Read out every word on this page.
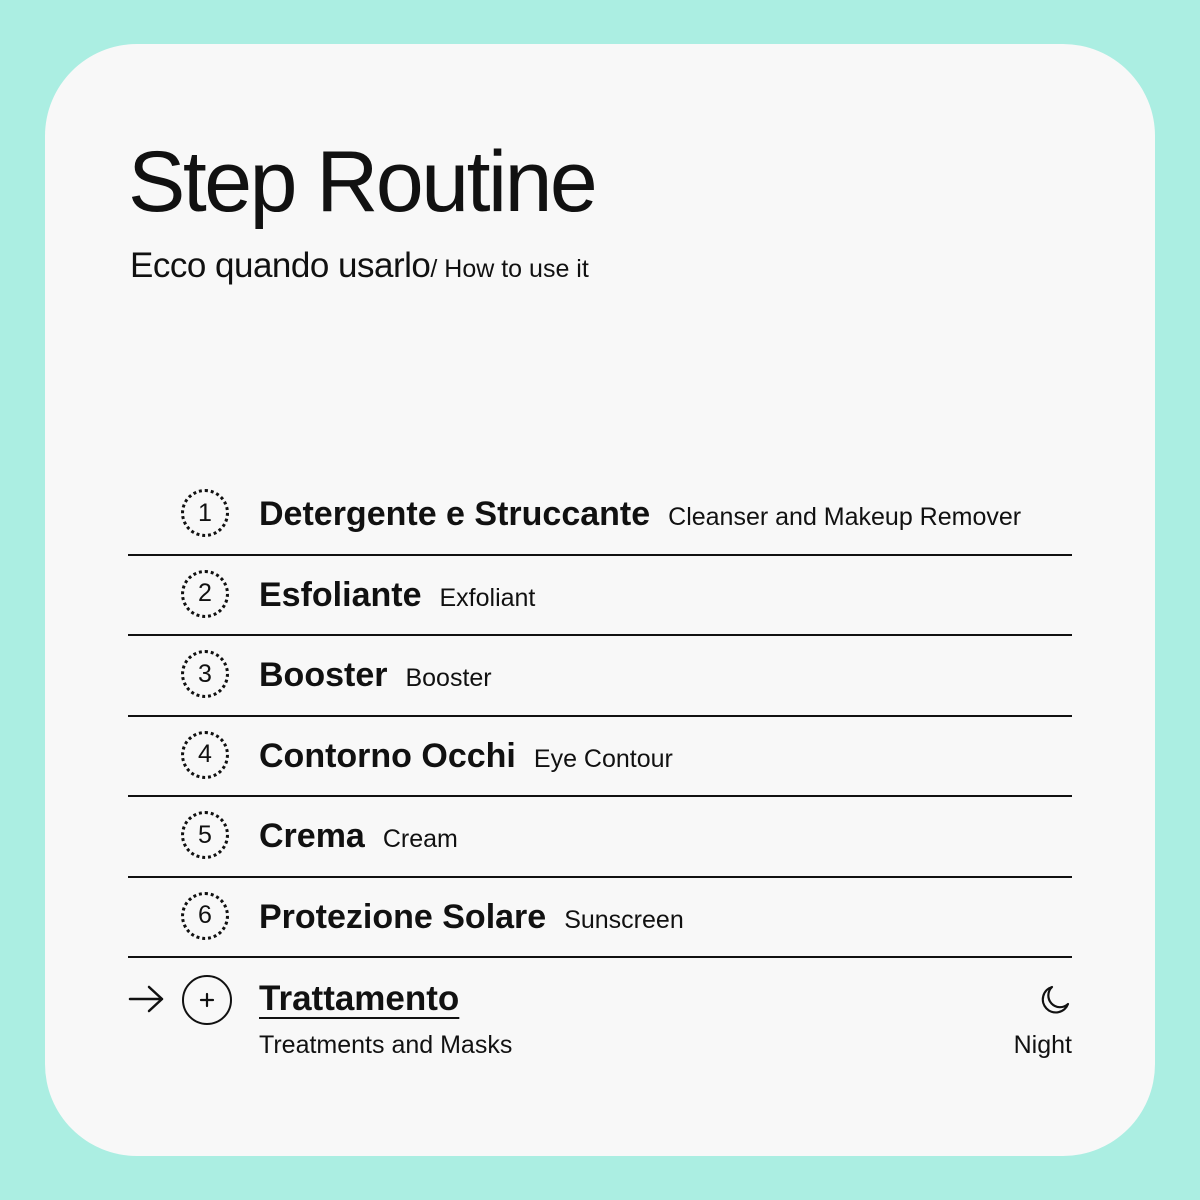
Step Routine
Ecco quando usarlo/ How to use it
1	Detergente e Struccante Cleanser and Makeup Remover
2	Esfoliante Exfoliant
3	Booster Booster
4	Contorno Occhi Eye Contour
5	Crema Cream
6	Protezione Solare Sunscreen
Trattamento
Treatments and Masks	Night
